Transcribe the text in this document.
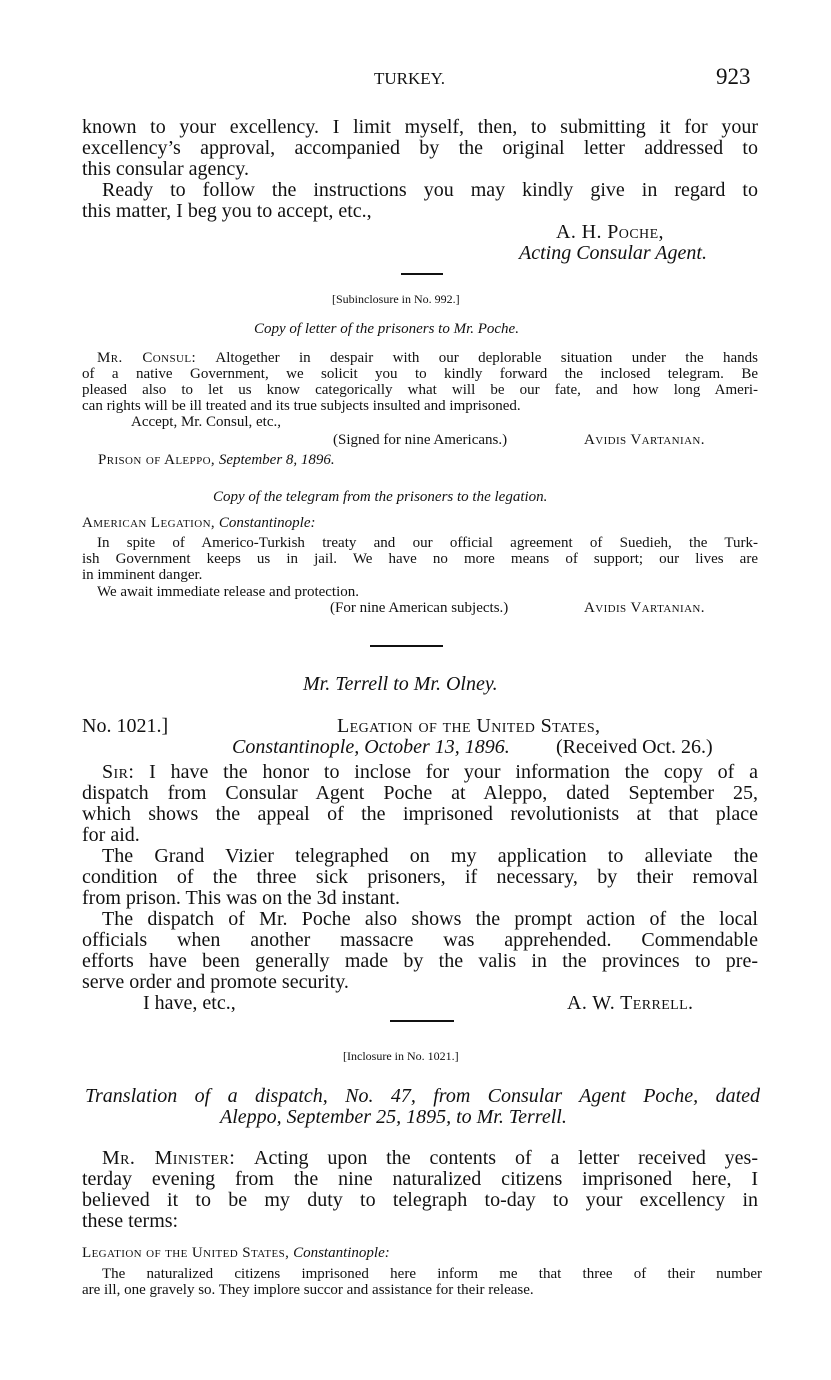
TURKEY.	923
known to your excellency. I limit myself, then, to submitting it for your
excellency’s approval, accompanied by the original letter addressed to
this consular agency.
Ready to follow the instructions you may kindly give in regard to
this matter, I beg you to accept, etc.,
A. H. Poche,
Acting Consular Agent.
[Subinclosure in No. 992.]
Copy of letter of the prisoners to Mr. Poche.
Mr. Consul: Altogether in despair with our deplorable situation under the hands
of a native Government, we solicit you to kindly forward the inclosed telegram. Be
pleased also to let us know categorically what will be our fate, and how long Ameri-
can rights will be ill treated and its true subjects insulted and imprisoned.
Accept, Mr. Consul, etc.,
(Signed for nine Americans.)	Avidis Vartanian.
Prison of Aleppo, September 8, 1896.
Copy of the telegram from the prisoners to the legation.
American Legation, Constantinople:
In spite of Americo-Turkish treaty and our official agreement of Suedieh, the Turk-
ish Government keeps us in jail. We have no more means of support; our lives are
in imminent danger.
We await immediate release and protection.
(For nine American subjects.)	Avidis Vartanian.
Mr. Terrell to Mr. Olney.
No. 1021.]	Legation of the United States,
Constantinople, October 13, 1896. (Received Oct. 26.)
Sir: I have the honor to inclose for your information the copy of a
dispatch from Consular Agent Poche at Aleppo, dated September 25,
which shows the appeal of the imprisoned revolutionists at that place
for aid.
The Grand Vizier telegraphed on my application to alleviate the
condition of the three sick prisoners, if necessary, by their removal
from prison. This was on the 3d instant.
The dispatch of Mr. Poche also shows the prompt action of the local
officials when another massacre was apprehended. Commendable
efforts have been generally made by the valis in the provinces to pre-
serve order and promote security.
I have, etc.,	A. W. Terrell.
[Inclosure in No. 1021.]
Translation of a dispatch, No. 47, from Consular Agent Poche, dated
Aleppo, September 25, 1895, to Mr. Terrell.
Mr. Minister: Acting upon the contents of a letter received yes-
terday evening from the nine naturalized citizens imprisoned here, I
believed it to be my duty to telegraph to-day to your excellency in
these terms:
Legation of the United States, Constantinople:
The naturalized citizens imprisoned here inform me that three of their number
are ill, one gravely so. They implore succor and assistance for their release.
